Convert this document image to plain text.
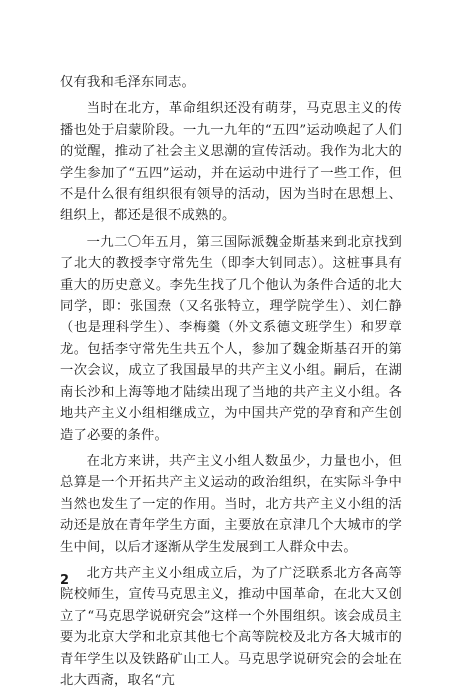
仅有我和毛泽东同志。

当时在北方，革命组织还没有萌芽，马克思主义的传播也处于启蒙阶段。一九一九年的“五四”运动唤起了人们的觉醒，推动了社会主义思潮的宣传活动。我作为北大的学生参加了“五四”运动，并在运动中进行了一些工作，但不是什么很有组织很有领导的活动，因为当时在思想上、组织上，都还是很不成熟的。

一九二〇年五月，第三国际派魏金斯基来到北京找到了北大的教授李守常先生（即李大钊同志）。这桩事具有重大的历史意义。李先生找了几个他认为条件合适的北大同学，即：张国焘（又名张特立，理学院学生）、刘仁静（也是理科学生）、李梅羹（外文系德文班学生）和罗章龙。包括李守常先生共五个人，参加了魏金斯基召开的第一次会议，成立了我国最早的共产主义小组。嗣后，在湖南长沙和上海等地才陆续出现了当地的共产主义小组。各地共产主义小组相继成立，为中国共产党的孕育和产生创造了必要的条件。

在北方来讲，共产主义小组人数虽少，力量也小，但总算是一个开拓共产主义运动的政治组织，在实际斗争中当然也发生了一定的作用。当时，北方共产主义小组的活动还是放在青年学生方面，主要放在京津几个大城市的学生中间，以后才逐渐从学生发展到工人群众中去。

北方共产主义小组成立后，为了广泛联系北方各高等院校师生，宣传马克思主义，推动中国革命，在北大又创立了“马克思学说研究会”这样一个外围组织。该会成员主要为北京大学和北京其他七个高等院校及北方各大城市的青年学生以及铁路矿山工人。马克思学说研究会的会址在北大西斋，取名“亢

2
